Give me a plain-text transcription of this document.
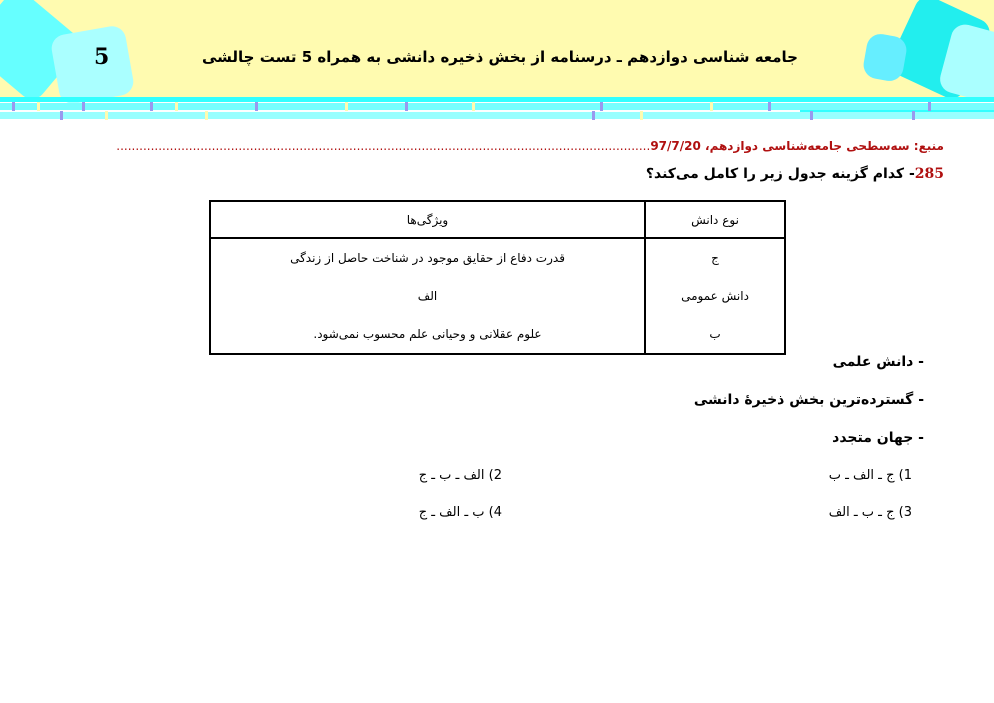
5	جامعه شناسی دوازدهم ـ درسنامه از بخش ذخیره دانشی به همراه 5 تست چالشی
منبع: سه‌سطحی جامعه‌شناسی دوازدهم، 97/7/20............................................................................................................................................
285- کدام گزینه جدول زیر را کامل می‌کند؟
نوع دانش	ویژگی‌ها
ج	قدرت دفاع از حقایق موجود در شناخت حاصل از زندگی
دانش عمومی	الف
ب	علوم عقلانی و وحیانی علم محسوب نمی‌شود.
- دانش علمی
- گسترده‌ترین بخش ذخیرهٔ دانشی
- جهان متجدد
1) ج ـ الف ـ ب
2) الف ـ ب ـ ج
3) ج ـ ب ـ الف
4) ب ـ الف ـ ج
